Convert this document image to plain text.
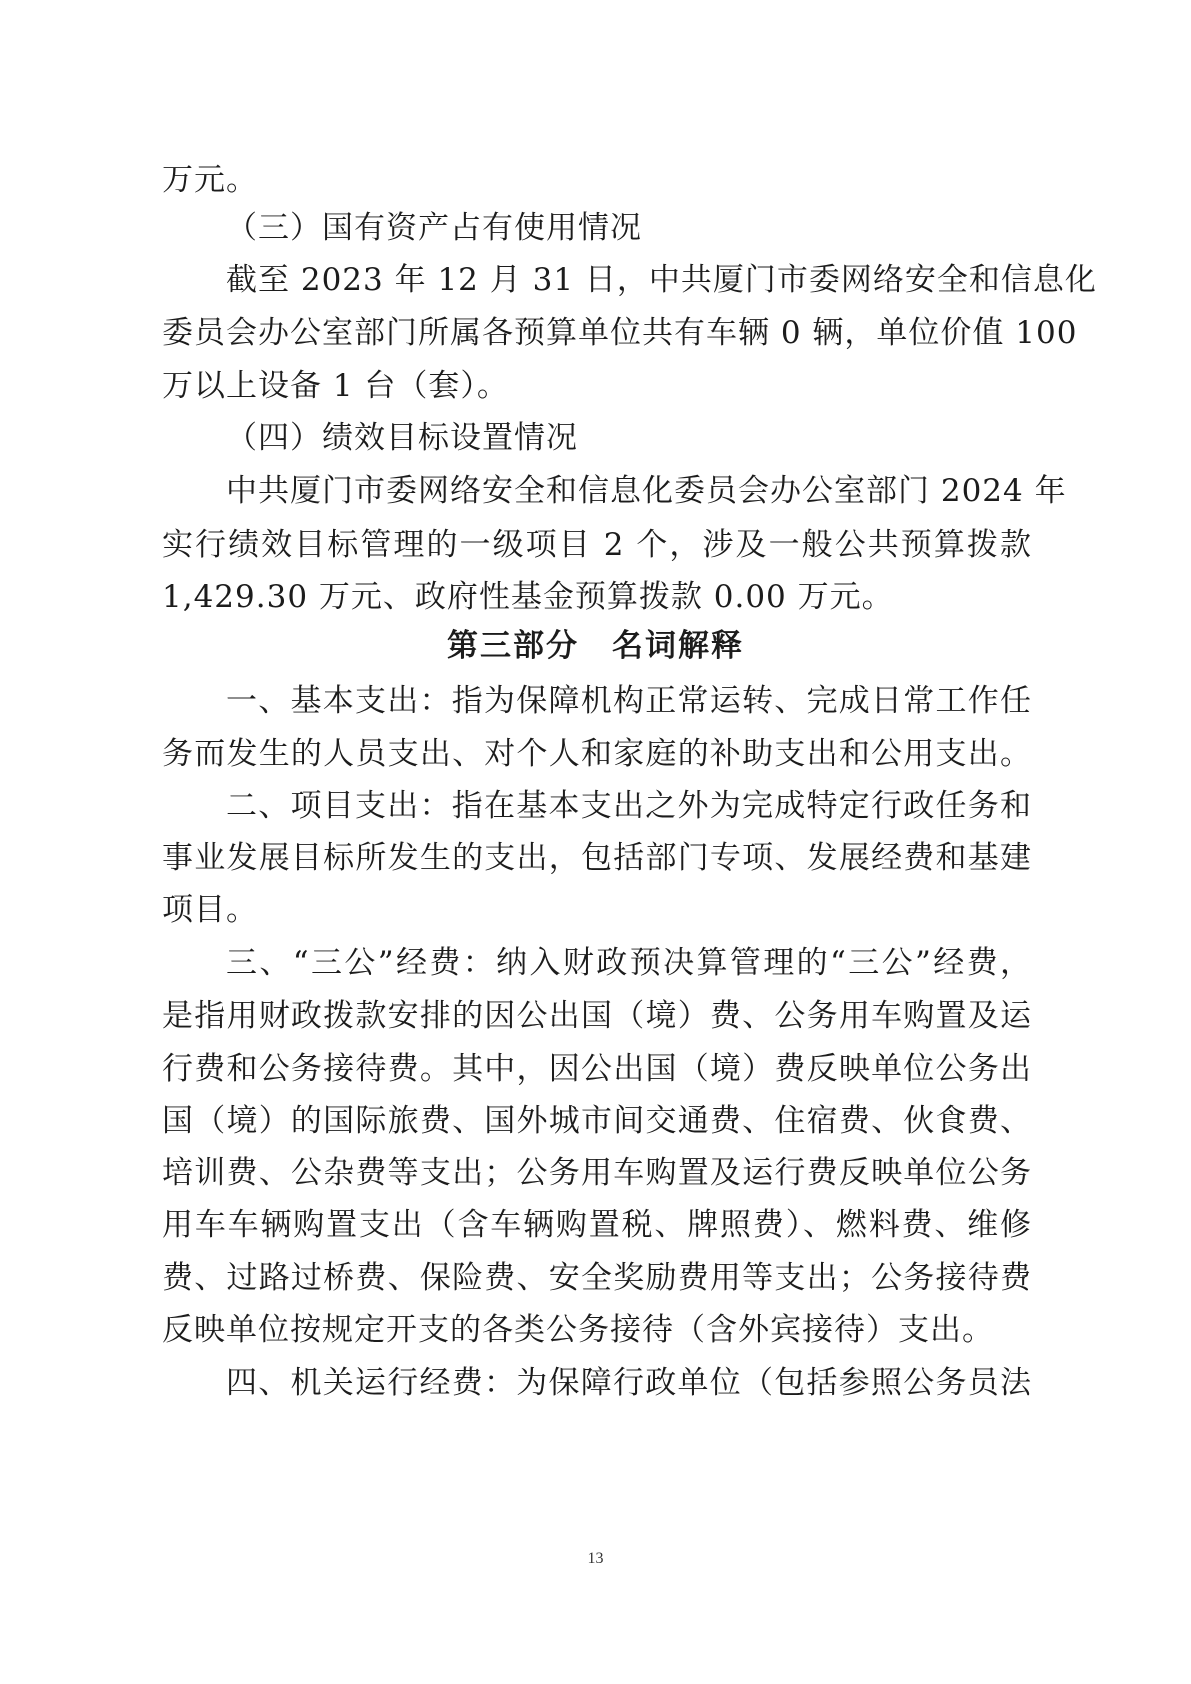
万元。
（三）国有资产占有使用情况
截至 2023 年 12 月 31 日，中共厦门市委网络安全和信息化
委员会办公室部门所属各预算单位共有车辆 0 辆，单位价值 100
万以上设备 1 台（套）。
（四）绩效目标设置情况
中共厦门市委网络安全和信息化委员会办公室部门 2024 年
实行绩效目标管理的一级项目 2 个，涉及一般公共预算拨款
1,429.30 万元、政府性基金预算拨款 0.00 万元。
第三部分　名词解释
一、基本支出：指为保障机构正常运转、完成日常工作任
务而发生的人员支出、对个人和家庭的补助支出和公用支出。
二、项目支出：指在基本支出之外为完成特定行政任务和
事业发展目标所发生的支出，包括部门专项、发展经费和基建
项目。
三、“三公”经费：纳入财政预决算管理的“三公”经费，
是指用财政拨款安排的因公出国（境）费、公务用车购置及运
行费和公务接待费。其中，因公出国（境）费反映单位公务出
国（境）的国际旅费、国外城市间交通费、住宿费、伙食费、
培训费、公杂费等支出；公务用车购置及运行费反映单位公务
用车车辆购置支出（含车辆购置税、牌照费）、燃料费、维修
费、过路过桥费、保险费、安全奖励费用等支出；公务接待费
反映单位按规定开支的各类公务接待（含外宾接待）支出。
四、机关运行经费：为保障行政单位（包括参照公务员法
13
